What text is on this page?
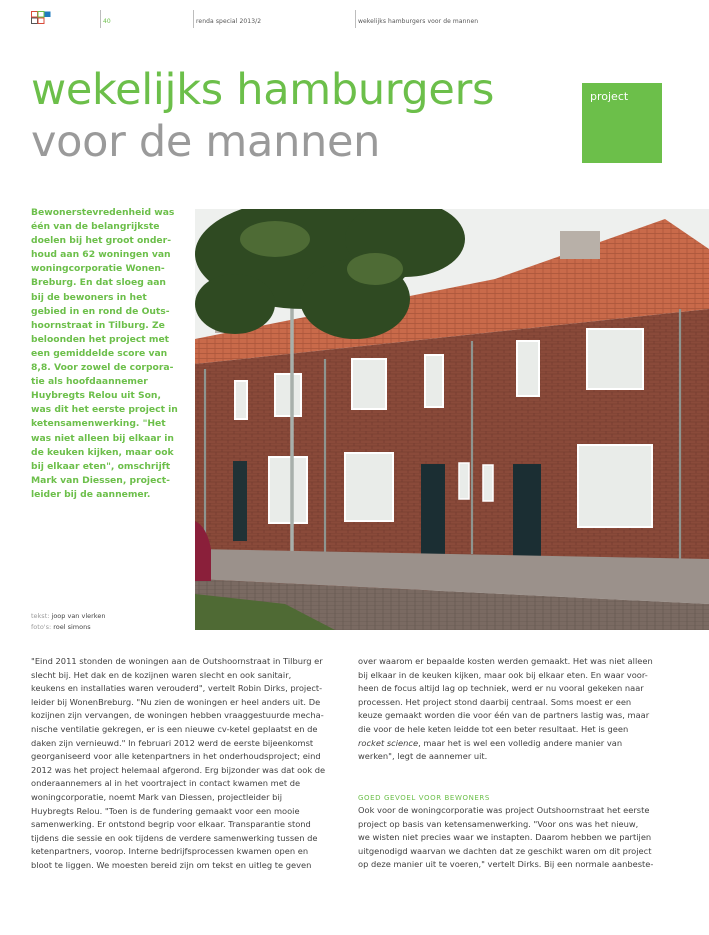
40	renda special 2013/2	wekelijks hamburgers voor de mannen
wekelijks hamburgers
voor de mannen
project
Bewonerstevredenheid was
één van de belangrijkste
doelen bij het groot onder-
houd aan 62 woningen van
woningcorporatie Wonen-
Breburg. En dat sloeg aan
bij de bewoners in het
gebied in en rond de Outs-
hoornstraat in Tilburg. Ze
beloonden het project met
een gemiddelde score van
8,8. Voor zowel de corpora-
tie als hoofdaannemer
Huybregts Relou uit Son,
was dit het eerste project in
ketensamenwerking. "Het
was niet alleen bij elkaar in
de keuken kijken, maar ook
bij elkaar eten", omschrijft
Mark van Diessen, project-
leider bij de aannemer.
tekst: joop van vlerken
foto's: roel simons
"Eind 2011 stonden de woningen aan de Outshoornstraat in Tilburg er
slecht bij. Het dak en de kozijnen waren slecht en ook sanitair,
keukens en installaties waren verouderd", vertelt Robin Dirks, project-
leider bij WonenBreburg. "Nu zien de woningen er heel anders uit. De
kozijnen zijn vervangen, de woningen hebben vraaggestuurde mecha-
nische ventilatie gekregen, er is een nieuwe cv-ketel geplaatst en de
daken zijn vernieuwd." In februari 2012 werd de eerste bijeenkomst
georganiseerd voor alle ketenpartners in het onderhoudsproject; eind
2012 was het project helemaal afgerond. Erg bijzonder was dat ook de
onderaannemers al in het voortraject in contact kwamen met de
woningcorporatie, noemt Mark van Diessen, projectleider bij
Huybregts Relou. "Toen is de fundering gemaakt voor een mooie
samenwerking. Er ontstond begrip voor elkaar. Transparantie stond
tijdens die sessie en ook tijdens de verdere samenwerking tussen de
ketenpartners, voorop. Interne bedrijfsprocessen kwamen open en
bloot te liggen. We moesten bereid zijn om tekst en uitleg te geven
over waarom er bepaalde kosten werden gemaakt. Het was niet alleen
bij elkaar in de keuken kijken, maar ook bij elkaar eten. En waar voor-
heen de focus altijd lag op techniek, werd er nu vooral gekeken naar
processen. Het project stond daarbij centraal. Soms moest er een
keuze gemaakt worden die voor één van de partners lastig was, maar
die voor de hele keten leidde tot een beter resultaat. Het is geen
rocket science, maar het is wel een volledig andere manier van
werken", legt de aannemer uit.
GOED GEVOEL VOOR BEWONERS
Ook voor de woningcorporatie was project Outshoornstraat het eerste
project op basis van ketensamenwerking. "Voor ons was het nieuw,
we wisten niet precies waar we instapten. Daarom hebben we partijen
uitgenodigd waarvan we dachten dat ze geschikt waren om dit project
op deze manier uit te voeren," vertelt Dirks. Bij een normale aanbeste-
